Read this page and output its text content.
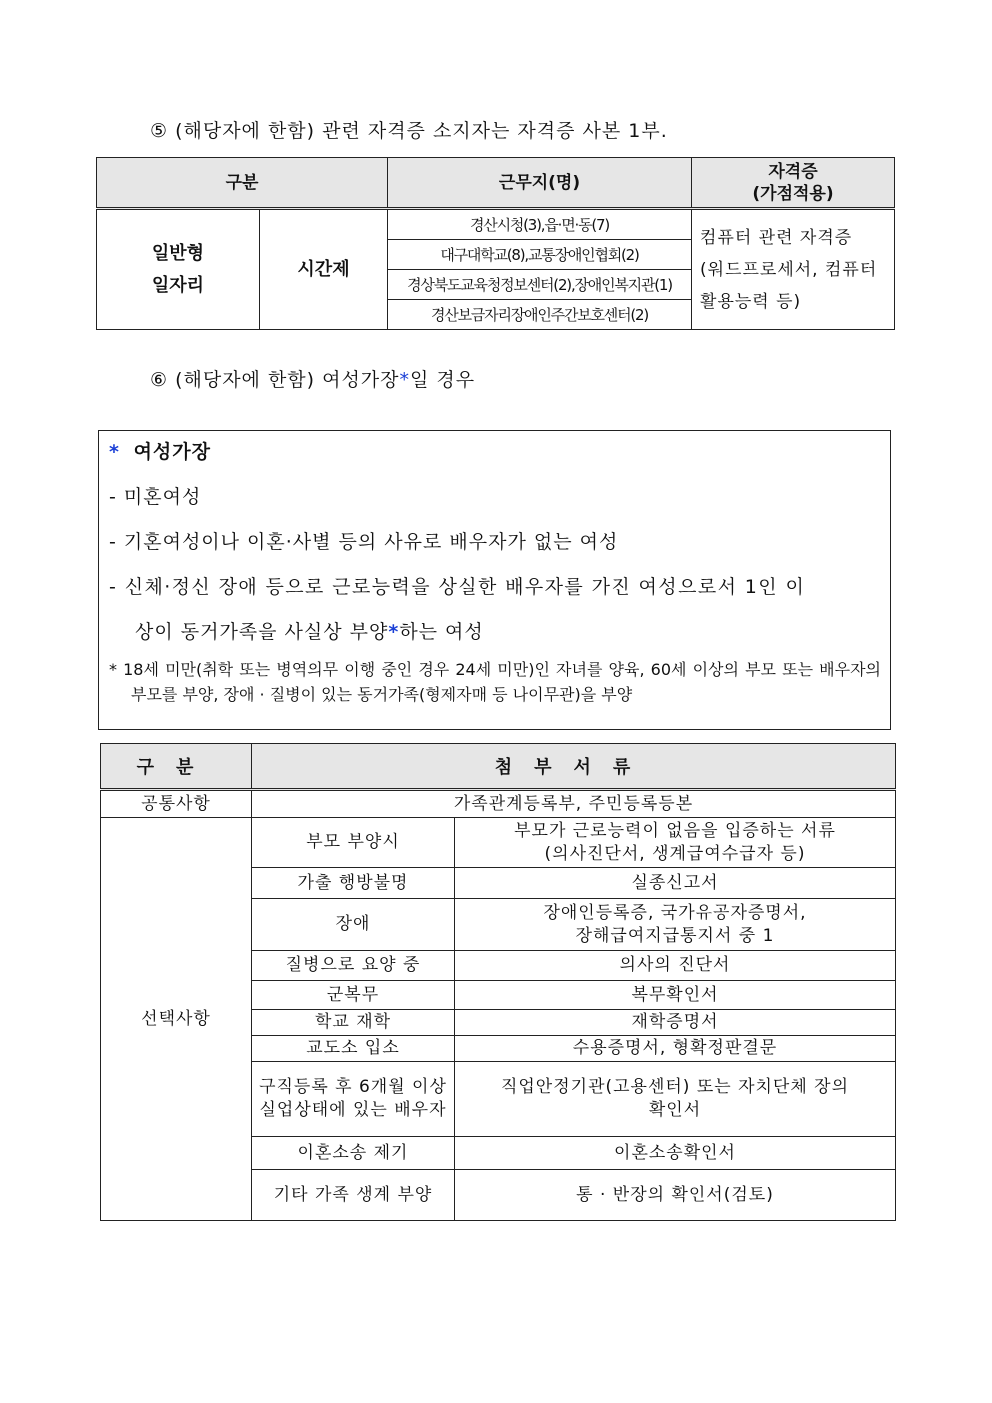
⑤ (해당자에 한함) 관련 자격증 소지자는 자격증 사본 1부.
구분		근무지(명)	자격증
(가점적용)
일반형
일자리	시간제	경산시청(3),읍·면·동(7)	컴퓨터 관련 자격증
(워드프로세서, 컴퓨터
활용능력 등)
		대구대학교(8),교통장애인협회(2)	
		경상북도교육청정보센터(2),장애인복지관(1)	
		경산보금자리장애인주간보호센터(2)	
⑥ (해당자에 한함) 여성가장*일 경우
* 여성가장
- 미혼여성
- 기혼여성이나 이혼·사별 등의 사유로 배우자가 없는 여성
- 신체·정신 장애 등으로 근로능력을 상실한 배우자를 가진 여성으로서 1인 이
상이 동거가족을 사실상 부양*하는 여성
* 18세 미만(취학 또는 병역의무 이행 중인 경우 24세 미만)인 자녀를 양육, 60세 이상의 부모 또는 배우자의 부모를 부양, 장애 · 질병이 있는 동거가족(형제자매 등 나이무관)을 부양
구분	첨부서류	
공통사항	가족관계등록부, 주민등록등본	
선택사항	부모 부양시	부모가 근로능력이 없음을 입증하는 서류
(의사진단서, 생계급여수급자 등)
	가출 행방불명	실종신고서
	장애	장애인등록증, 국가유공자증명서,
장해급여지급통지서 중 1
	질병으로 요양 중	의사의 진단서
	군복무	복무확인서
	학교 재학	재학증명서
	교도소 입소	수용증명서, 형확정판결문
	구직등록 후 6개월 이상 실업상태에 있는 배우자	직업안정기관(고용센터) 또는 자치단체 장의
확인서
	이혼소송 제기	이혼소송확인서
	기타 가족 생계 부양	통 · 반장의 확인서(검토)
